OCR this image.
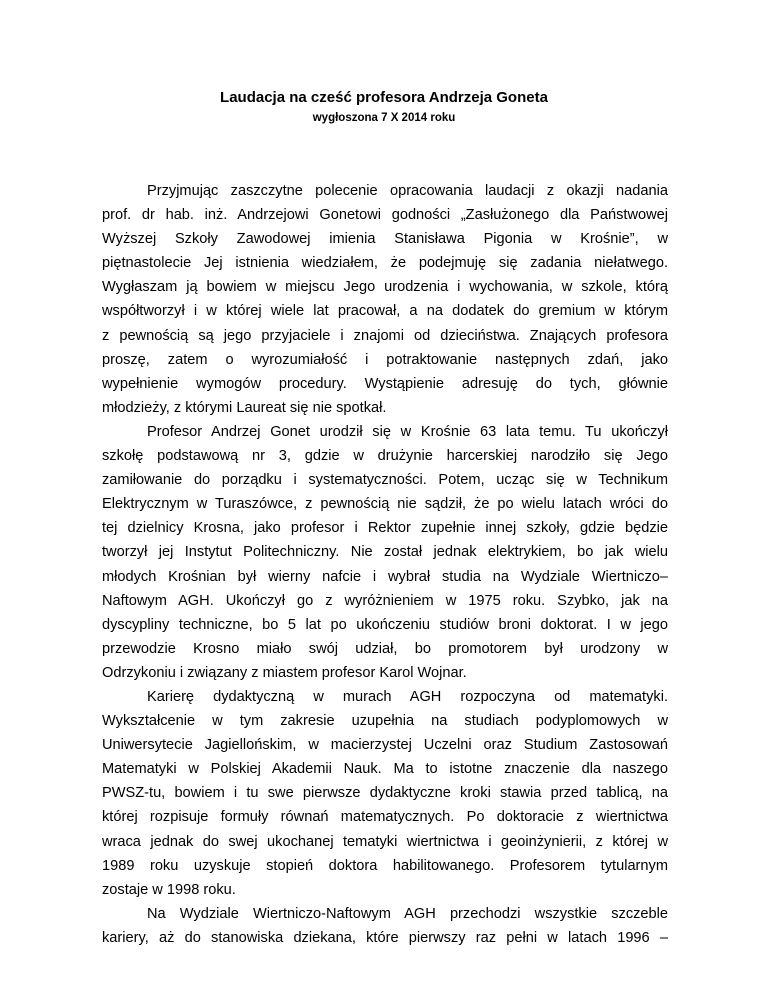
Laudacja na cześć profesora Andrzeja Goneta
wygłoszona 7 X 2014 roku
Przyjmując zaszczytne polecenie opracowania laudacji z okazji nadania
prof. dr hab. inż. Andrzejowi Gonetowi godności „Zasłużonego dla Państwowej
Wyższej Szkoły Zawodowej imienia Stanisława Pigonia w Krośnie”, w
piętnastolecie Jej istnienia wiedziałem, że podejmuję się zadania niełatwego.
Wygłaszam ją bowiem w miejscu Jego urodzenia i wychowania, w szkole, którą
współtworzył i w której wiele lat pracował, a na dodatek do gremium w którym
z pewnością są jego przyjaciele i znajomi od dzieciństwa. Znających profesora
proszę, zatem o wyrozumiałość i potraktowanie następnych zdań, jako
wypełnienie wymogów procedury. Wystąpienie adresuję do tych, głównie
młodzieży, z którymi Laureat się nie spotkał.
Profesor Andrzej Gonet urodził się w Krośnie 63 lata temu. Tu ukończył
szkołę podstawową nr 3, gdzie w drużynie harcerskiej narodziło się Jego
zamiłowanie do porządku i systematyczności. Potem, ucząc się w Technikum
Elektrycznym w Turaszówce, z pewnością nie sądził, że po wielu latach wróci do
tej dzielnicy Krosna, jako profesor i Rektor zupełnie innej szkoły, gdzie będzie
tworzył jej Instytut Politechniczny. Nie został jednak elektrykiem, bo jak wielu
młodych Krośnian był wierny nafcie i wybrał studia na Wydziale Wiertniczo–
Naftowym AGH. Ukończył go z wyróżnieniem w 1975 roku. Szybko, jak na
dyscypliny techniczne, bo 5 lat po ukończeniu studiów broni doktorat. I w jego
przewodzie Krosno miało swój udział, bo promotorem był urodzony w
Odrzykoniu i związany z miastem profesor Karol Wojnar.
Karierę dydaktyczną w murach AGH rozpoczyna od matematyki.
Wykształcenie w tym zakresie uzupełnia na studiach podyplomowych w
Uniwersytecie Jagiellońskim, w macierzystej Uczelni oraz Studium Zastosowań
Matematyki w Polskiej Akademii Nauk. Ma to istotne znaczenie dla naszego
PWSZ-tu, bowiem i tu swe pierwsze dydaktyczne kroki stawia przed tablicą, na
której rozpisuje formuły równań matematycznych. Po doktoracie z wiertnictwa
wraca jednak do swej ukochanej tematyki wiertnictwa i geoinżynierii, z której w
1989 roku uzyskuje stopień doktora habilitowanego. Profesorem tytularnym
zostaje w 1998 roku.
Na Wydziale Wiertniczo-Naftowym AGH przechodzi wszystkie szczeble
kariery, aż do stanowiska dziekana, które pierwszy raz pełni w latach 1996 –
